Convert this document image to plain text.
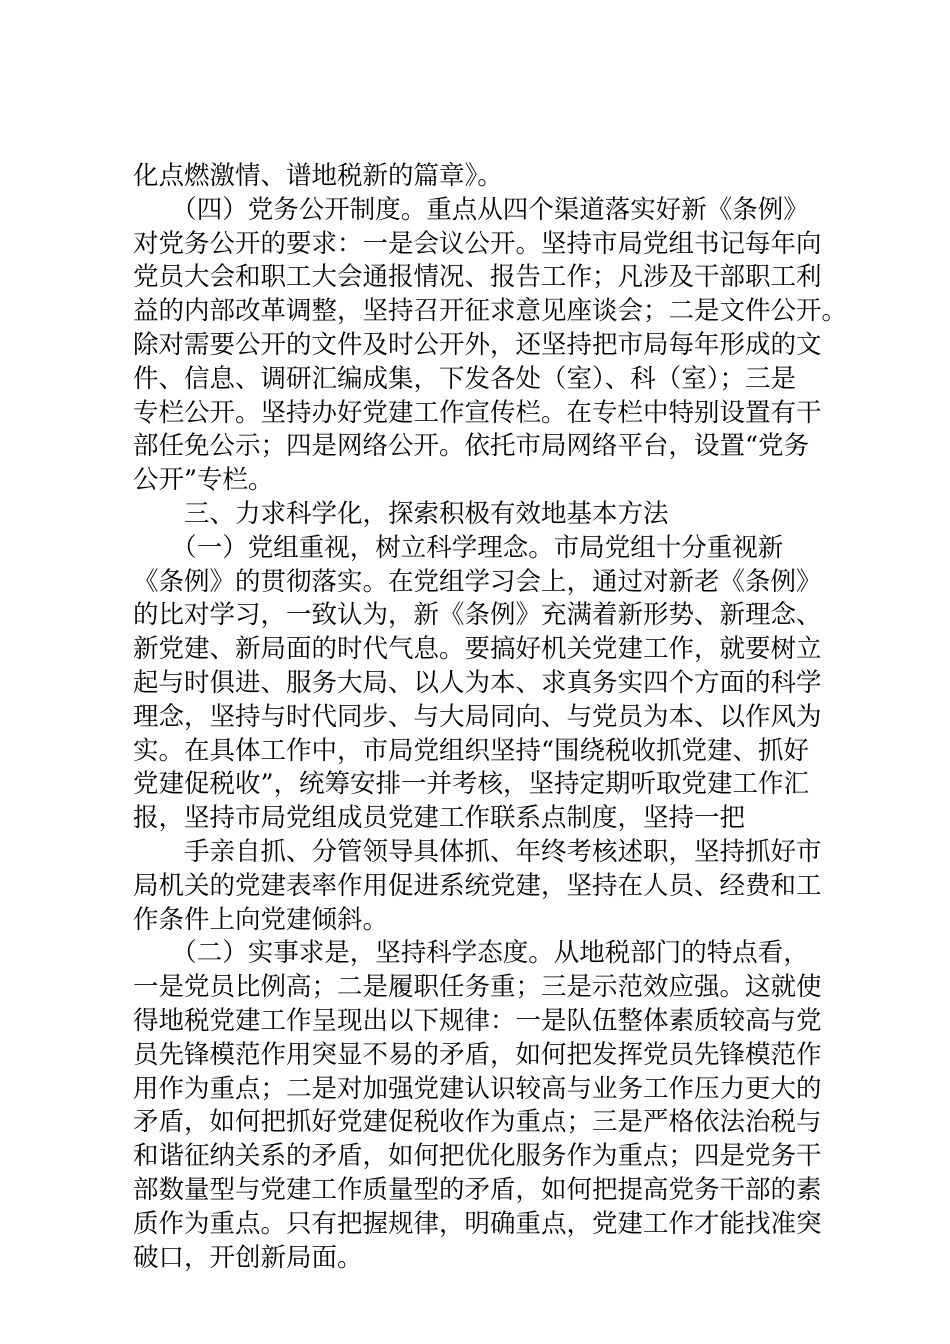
化点燃激情、谱地税新的篇章》。
　　（四）党务公开制度。重点从四个渠道落实好新《条例》
对党务公开的要求：一是会议公开。坚持市局党组书记每年向
党员大会和职工大会通报情况、报告工作；凡涉及干部职工利
益的内部改革调整，坚持召开征求意见座谈会；二是文件公开。
除对需要公开的文件及时公开外，还坚持把市局每年形成的文
件、信息、调研汇编成集，下发各处（室）、科（室）；三是
专栏公开。坚持办好党建工作宣传栏。在专栏中特别设置有干
部任免公示；四是网络公开。依托市局网络平台，设置“党务
公开”专栏。
　　三、力求科学化，探索积极有效地基本方法
　　（一）党组重视，树立科学理念。市局党组十分重视新
《条例》的贯彻落实。在党组学习会上，通过对新老《条例》
的比对学习，一致认为，新《条例》充满着新形势、新理念、
新党建、新局面的时代气息。要搞好机关党建工作，就要树立
起与时俱进、服务大局、以人为本、求真务实四个方面的科学
理念，坚持与时代同步、与大局同向、与党员为本、以作风为
实。在具体工作中，市局党组织坚持“围绕税收抓党建、抓好
党建促税收”，统筹安排一并考核，坚持定期听取党建工作汇
报，坚持市局党组成员党建工作联系点制度，坚持一把
　　手亲自抓、分管领导具体抓、年终考核述职，坚持抓好市
局机关的党建表率作用促进系统党建，坚持在人员、经费和工
作条件上向党建倾斜。
　　（二）实事求是，坚持科学态度。从地税部门的特点看，
一是党员比例高；二是履职任务重；三是示范效应强。这就使
得地税党建工作呈现出以下规律：一是队伍整体素质较高与党
员先锋模范作用突显不易的矛盾，如何把发挥党员先锋模范作
用作为重点；二是对加强党建认识较高与业务工作压力更大的
矛盾，如何把抓好党建促税收作为重点；三是严格依法治税与
和谐征纳关系的矛盾，如何把优化服务作为重点；四是党务干
部数量型与党建工作质量型的矛盾，如何把提高党务干部的素
质作为重点。只有把握规律，明确重点，党建工作才能找准突
破口，开创新局面。
